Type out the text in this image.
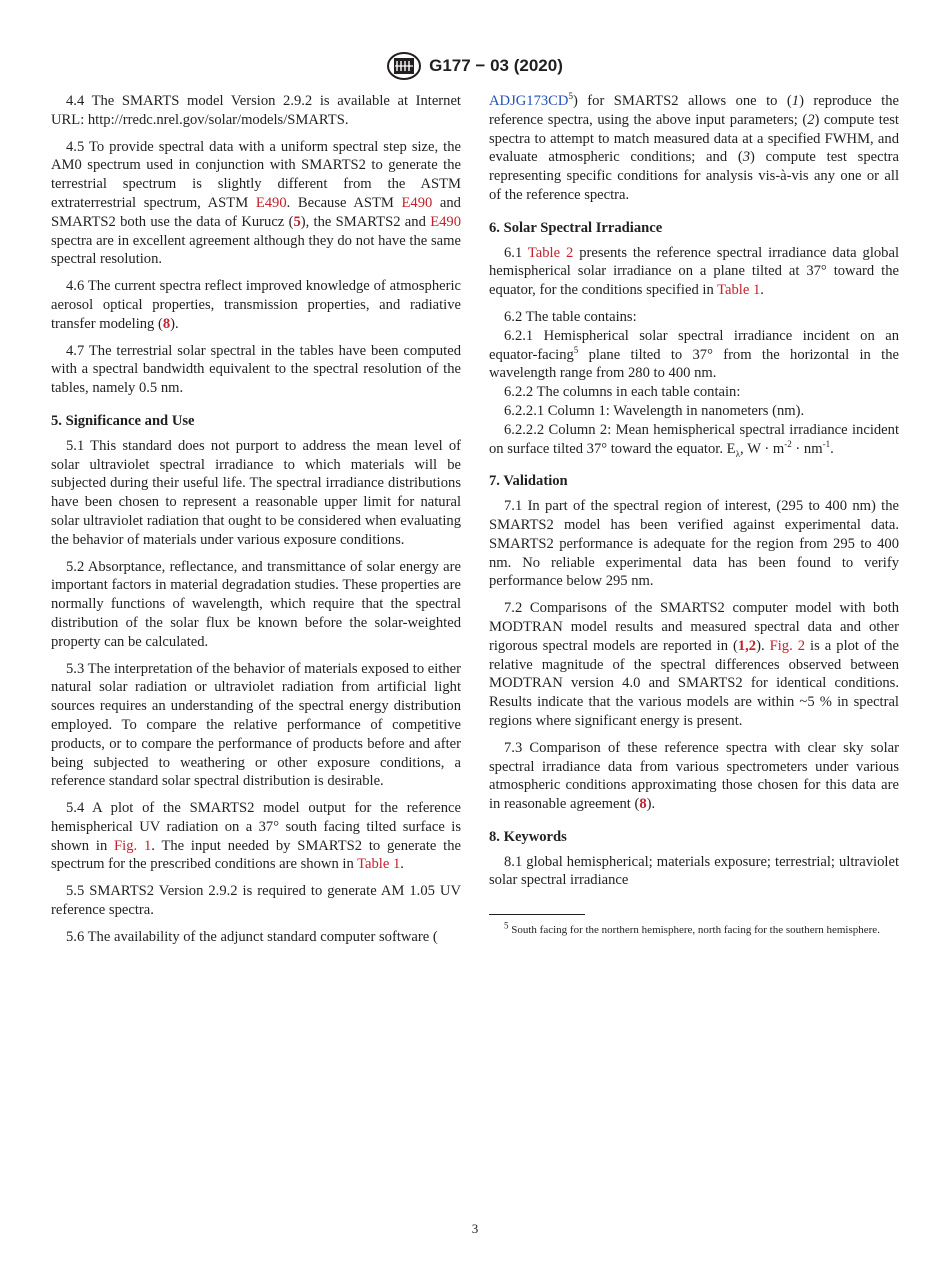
G177 − 03 (2020)

4.4 The SMARTS model Version 2.9.2 is available at Internet URL: http://rredc.nrel.gov/solar/models/SMARTS.

4.5 To provide spectral data with a uniform spectral step size, the AM0 spectrum used in conjunction with SMARTS2 to generate the terrestrial spectrum is slightly different from the ASTM extraterrestrial spectrum, ASTM E490. Because ASTM E490 and SMARTS2 both use the data of Kurucz (5), the SMARTS2 and E490 spectra are in excellent agreement although they do not have the same spectral resolution.

4.6 The current spectra reflect improved knowledge of atmospheric aerosol optical properties, transmission properties, and radiative transfer modeling (8).

4.7 The terrestrial solar spectral in the tables have been computed with a spectral bandwidth equivalent to the spectral resolution of the tables, namely 0.5 nm.

5. Significance and Use

5.1 This standard does not purport to address the mean level of solar ultraviolet spectral irradiance to which materials will be subjected during their useful life. The spectral irradiance distributions have been chosen to represent a reasonable upper limit for natural solar ultraviolet radiation that ought to be considered when evaluating the behavior of materials under various exposure conditions.

5.2 Absorptance, reflectance, and transmittance of solar energy are important factors in material degradation studies. These properties are normally functions of wavelength, which require that the spectral distribution of the solar flux be known before the solar-weighted property can be calculated.

5.3 The interpretation of the behavior of materials exposed to either natural solar radiation or ultraviolet radiation from artificial light sources requires an understanding of the spectral energy distribution employed. To compare the relative performance of competitive products, or to compare the performance of products before and after being subjected to weathering or other exposure conditions, a reference standard solar spectral distribution is desirable.

5.4 A plot of the SMARTS2 model output for the reference hemispherical UV radiation on a 37° south facing tilted surface is shown in Fig. 1. The input needed by SMARTS2 to generate the spectrum for the prescribed conditions are shown in Table 1.

5.5 SMARTS2 Version 2.9.2 is required to generate AM 1.05 UV reference spectra.

5.6 The availability of the adjunct standard computer software (

$ADJG173CD^5$) for SMARTS2 allows one to (1) reproduce the reference spectra, using the above input parameters; (2) compute test spectra to attempt to match measured data at a specified FWHM, and evaluate atmospheric conditions; and (3) compute test spectra representing specific conditions for analysis vis-à-vis any one or all of the reference spectra.

6. Solar Spectral Irradiance

6.1 Table 2 presents the reference spectral irradiance data global hemispherical solar irradiance on a plane tilted at 37° toward the equator, for the conditions specified in Table 1.

6.2 The table contains:

6.2.1 Hemispherical solar spectral irradiance incident on an equator-facing$^5$ plane tilted to 37° from the horizontal in the wavelength range from 280 to 400 nm.

6.2.2 The columns in each table contain:

6.2.2.1 Column 1: Wavelength in nanometers (nm).

6.2.2.2 Column 2: Mean hemispherical spectral irradiance incident on surface tilted 37° toward the equator. $E_\lambda$, $W \cdot m^{-2} \cdot nm^{-1}$.

7. Validation

7.1 In part of the spectral region of interest, (295 to 400 nm) the SMARTS2 model has been verified against experimental data. SMARTS2 performance is adequate for the region from 295 to 400 nm. No reliable experimental data has been found to verify performance below 295 nm.

7.2 Comparisons of the SMARTS2 computer model with both MODTRAN model results and measured spectral data and other rigorous spectral models are reported in (1,2). Fig. 2 is a plot of the relative magnitude of the spectral differences observed between MODTRAN version 4.0 and SMARTS2 for identical conditions. Results indicate that the various models are within ~5 % in spectral regions where significant energy is present.

7.3 Comparison of these reference spectra with clear sky solar spectral irradiance data from various spectrometers under various atmospheric conditions approximating those chosen for this data are in reasonable agreement (8).

8. Keywords

8.1 global hemispherical; materials exposure; terrestrial; ultraviolet solar spectral irradiance

$^5$ South facing for the northern hemisphere, north facing for the southern hemisphere.
3
